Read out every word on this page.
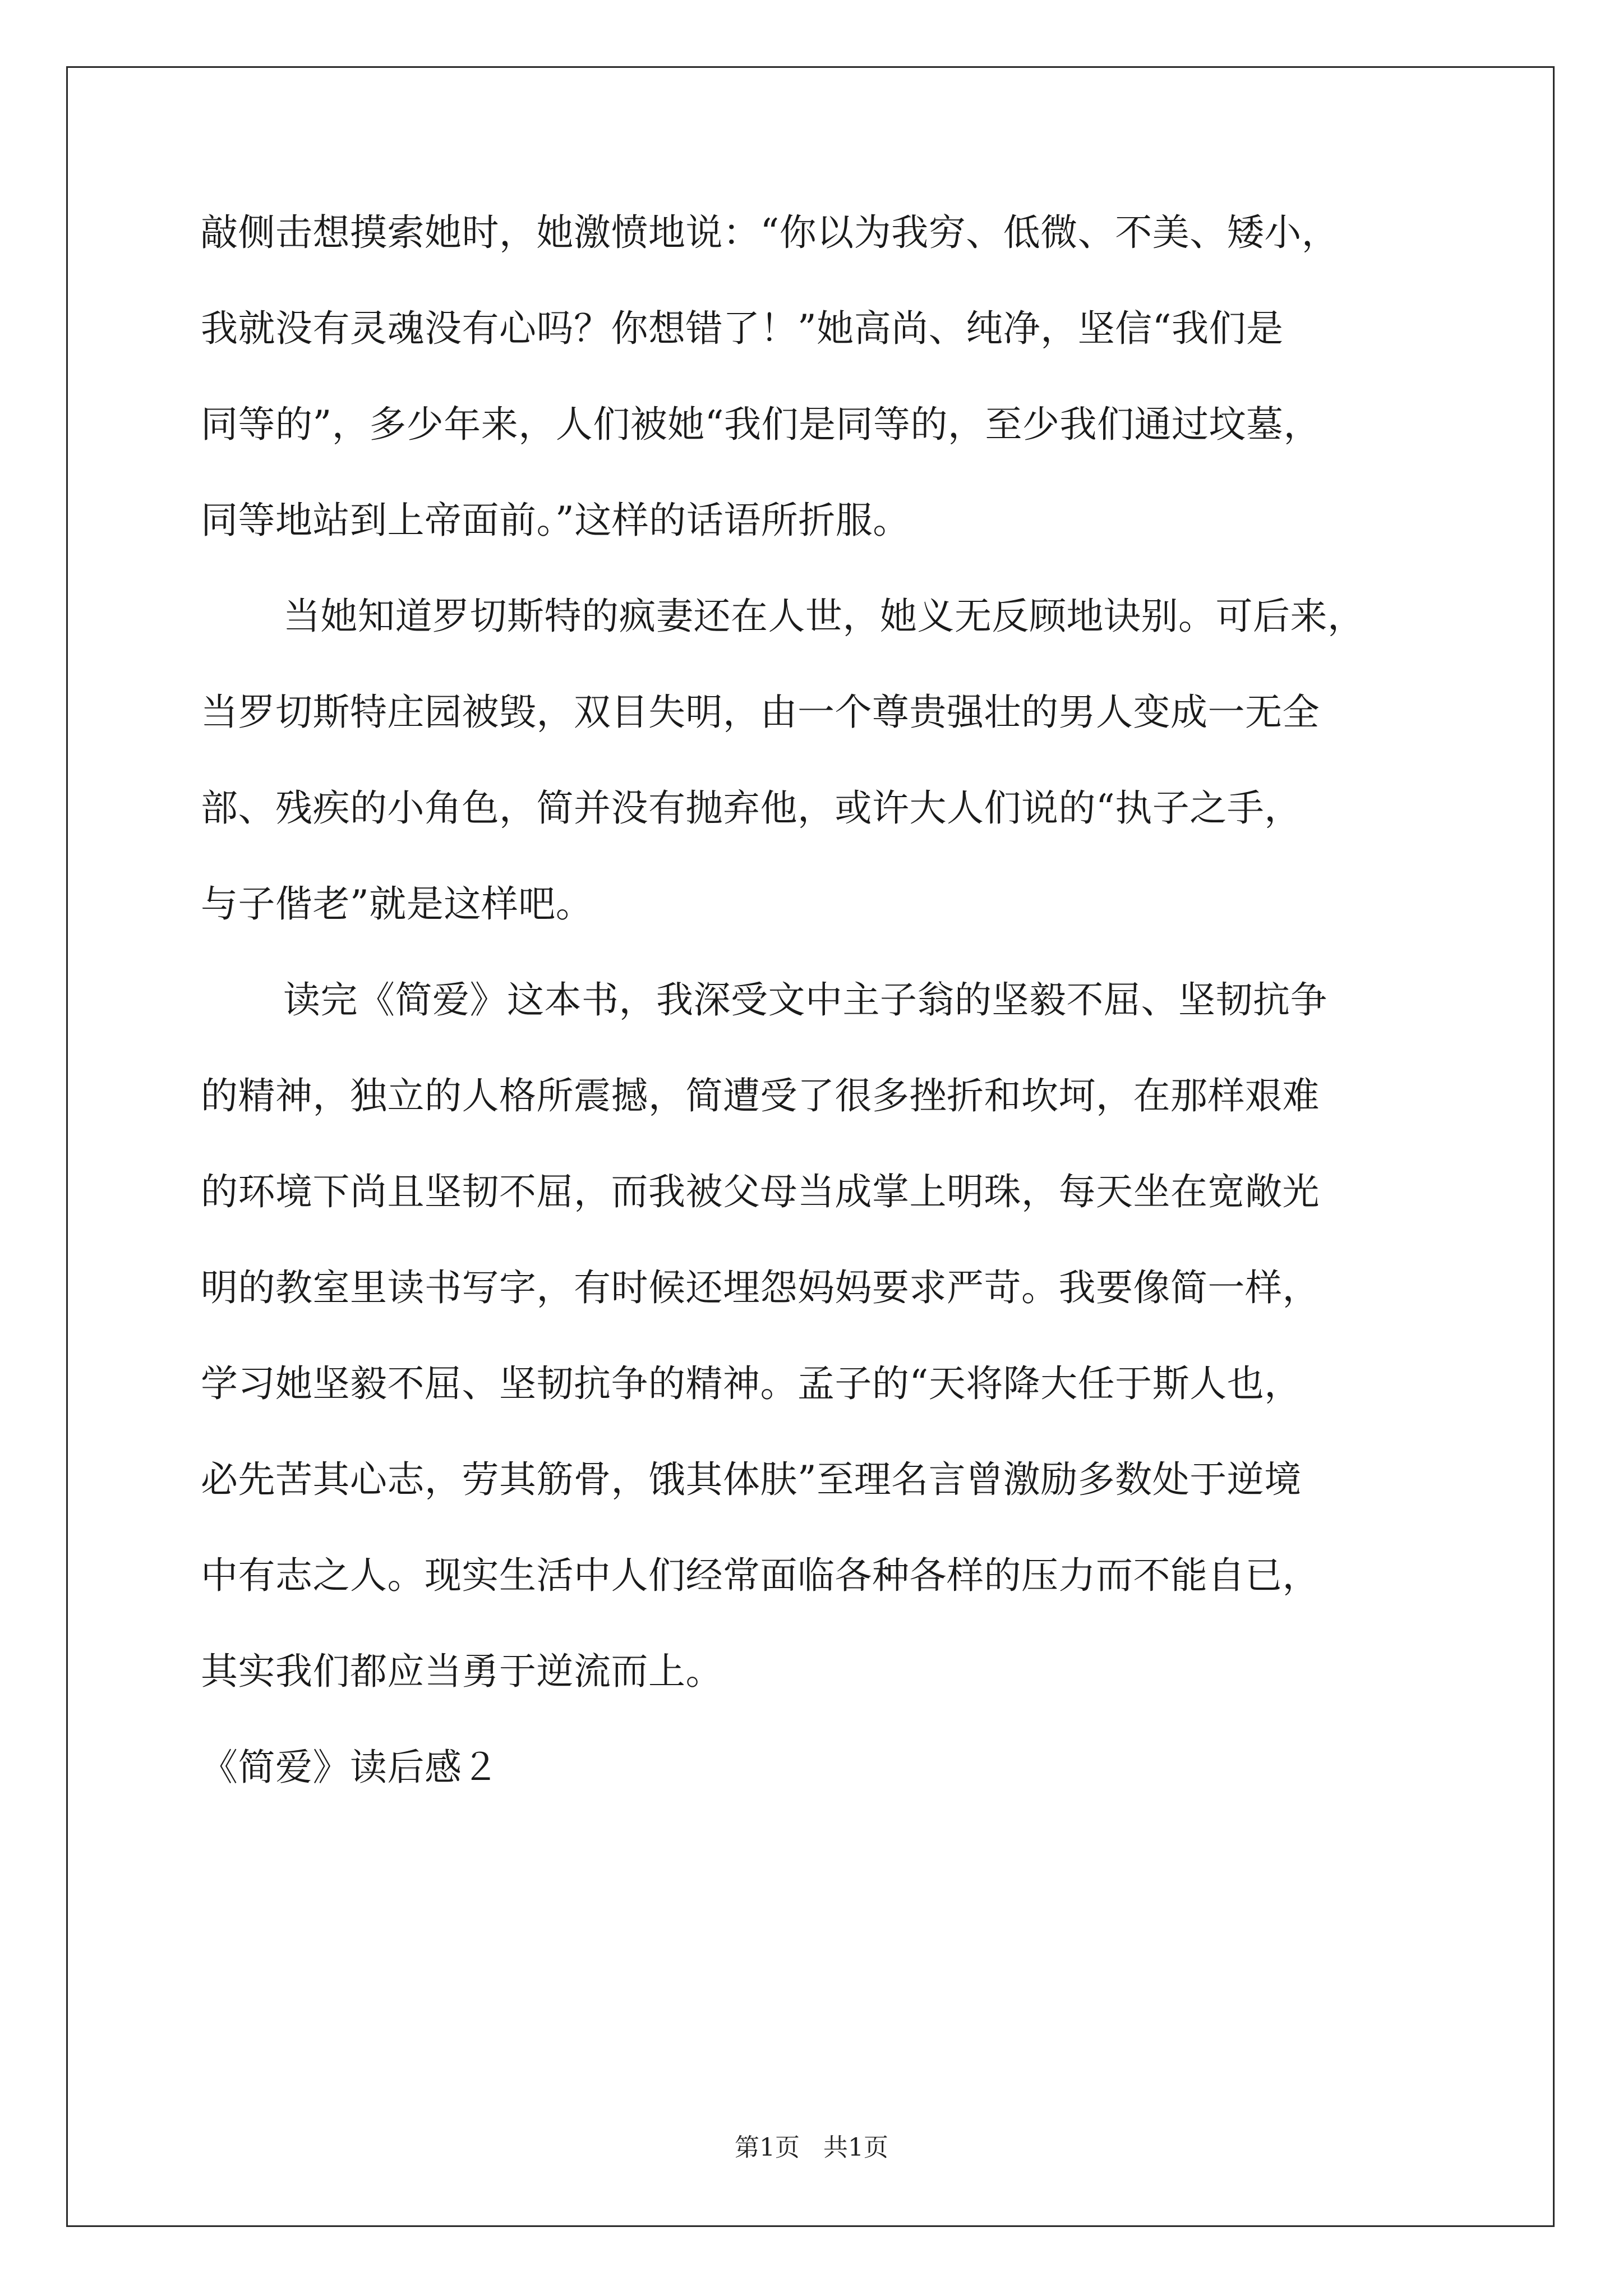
敲侧击想摸索她时，她激愤地说：“你以为我穷、低微、不美、矮小，
我就没有灵魂没有心吗？你想错了！”她高尚、纯净，坚信“我们是
同等的”，多少年来，人们被她“我们是同等的，至少我们通过坟墓，
同等地站到上帝面前。”这样的话语所折服。
当她知道罗切斯特的疯妻还在人世，她义无反顾地诀别。可后来，
当罗切斯特庄园被毁，双目失明，由一个尊贵强壮的男人变成一无全
部、残疾的小角色，简并没有抛弃他，或许大人们说的“执子之手，
与子偕老”就是这样吧。
读完《简爱》这本书，我深受文中主子翁的坚毅不屈、坚韧抗争
的精神，独立的人格所震撼，简遭受了很多挫折和坎坷，在那样艰难
的环境下尚且坚韧不屈，而我被父母当成掌上明珠，每天坐在宽敞光
明的教室里读书写字，有时候还埋怨妈妈要求严苛。我要像简一样，
学习她坚毅不屈、坚韧抗争的精神。孟子的“天将降大任于斯人也，
必先苦其心志，劳其筋骨，饿其体肤”至理名言曾激励多数处于逆境
中有志之人。现实生活中人们经常面临各种各样的压力而不能自已，
其实我们都应当勇于逆流而上。
《简爱》读后感２
第1页 共1页
